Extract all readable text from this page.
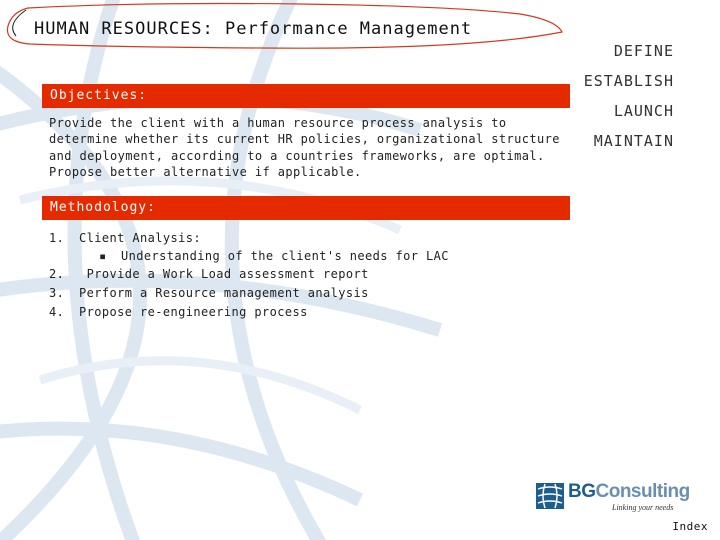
HUMAN RESOURCES: Performance Management
DEFINE
ESTABLISH
LAUNCH
MAINTAIN
Objectives:
Provide the client with a human resource process analysis to determine whether its current HR policies, organizational structure and deployment, according to a countries frameworks, are optimal. Propose better alternative if applicable.
Methodology:
1.	Client Analysis:
▪	Understanding of the client's needs for LAC
2.	Provide a Work Load assessment report
3.	Perform a Resource management analysis
4.	Propose re-engineering process
BGConsulting
Linking your needs
Index
